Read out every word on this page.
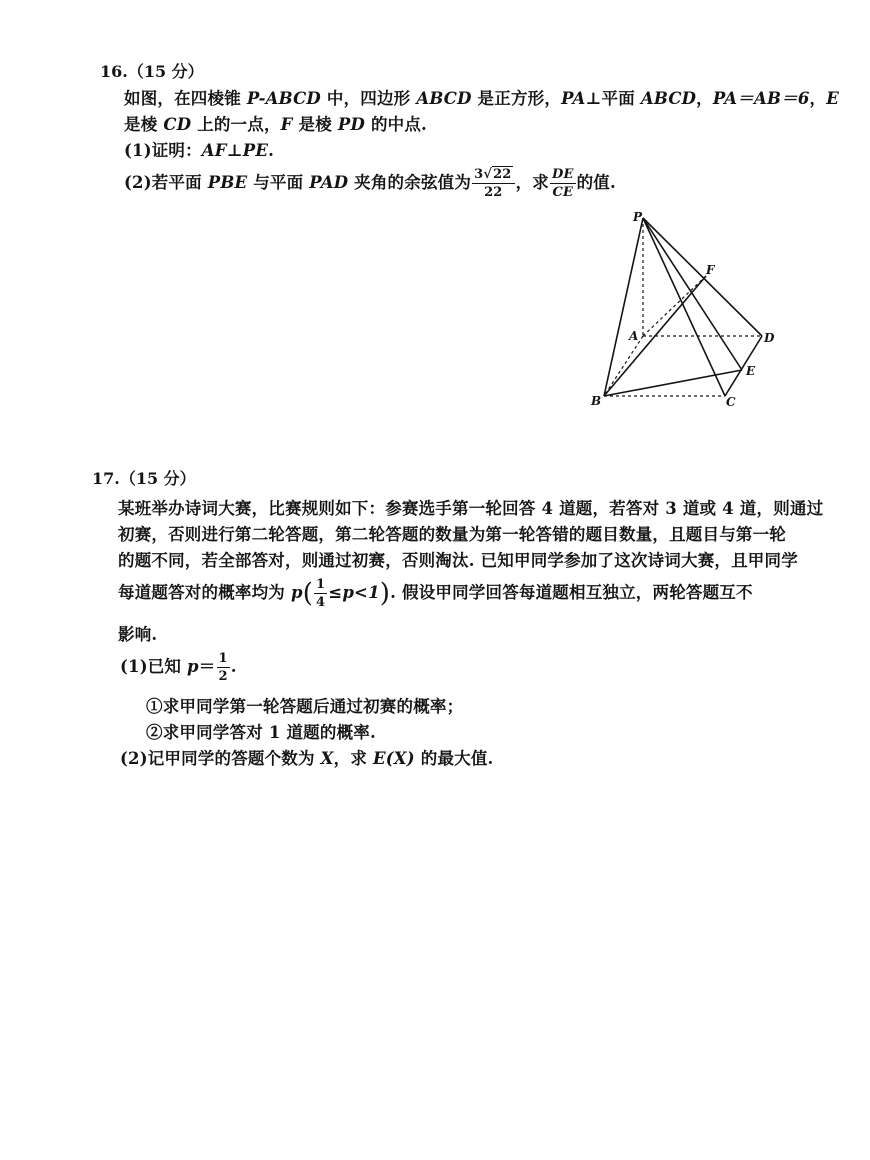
16.（15 分）
如图，在四棱锥 P-ABCD 中，四边形 ABCD 是正方形，PA⊥平面 ABCD，PA＝AB＝6，E
是棱 CD 上的一点，F 是棱 PD 的中点.
(1)证明：AF⊥PE.
(2)若平面 PBE 与平面 PAD 夹角的余弦值为 $\frac{3√22}{22}$ ，求 $\frac{DE}{CE}$ 的值.
P
F
A	D
E
B	C
17.（15 分）
某班举办诗词大赛，比赛规则如下：参赛选手第一轮回答 4 道题，若答对 3 道或 4 道，则通过
初赛，否则进行第二轮答题，第二轮答题的数量为第一轮答错的题目数量，且题目与第一轮
的题不同，若全部答对，则通过初赛，否则淘汰. 已知甲同学参加了这次诗词大赛，且甲同学
每道题答对的概率均为 $p( \frac{1}{4} \le p<1)$. 假设甲同学回答每道题相互独立，两轮答题互不
影响.
(1)已知 $p= \frac{1}{2}$ .
①求甲同学第一轮答题后通过初赛的概率；
②求甲同学答对 1 道题的概率.
(2)记甲同学的答题个数为 X，求 E(X) 的最大值.
